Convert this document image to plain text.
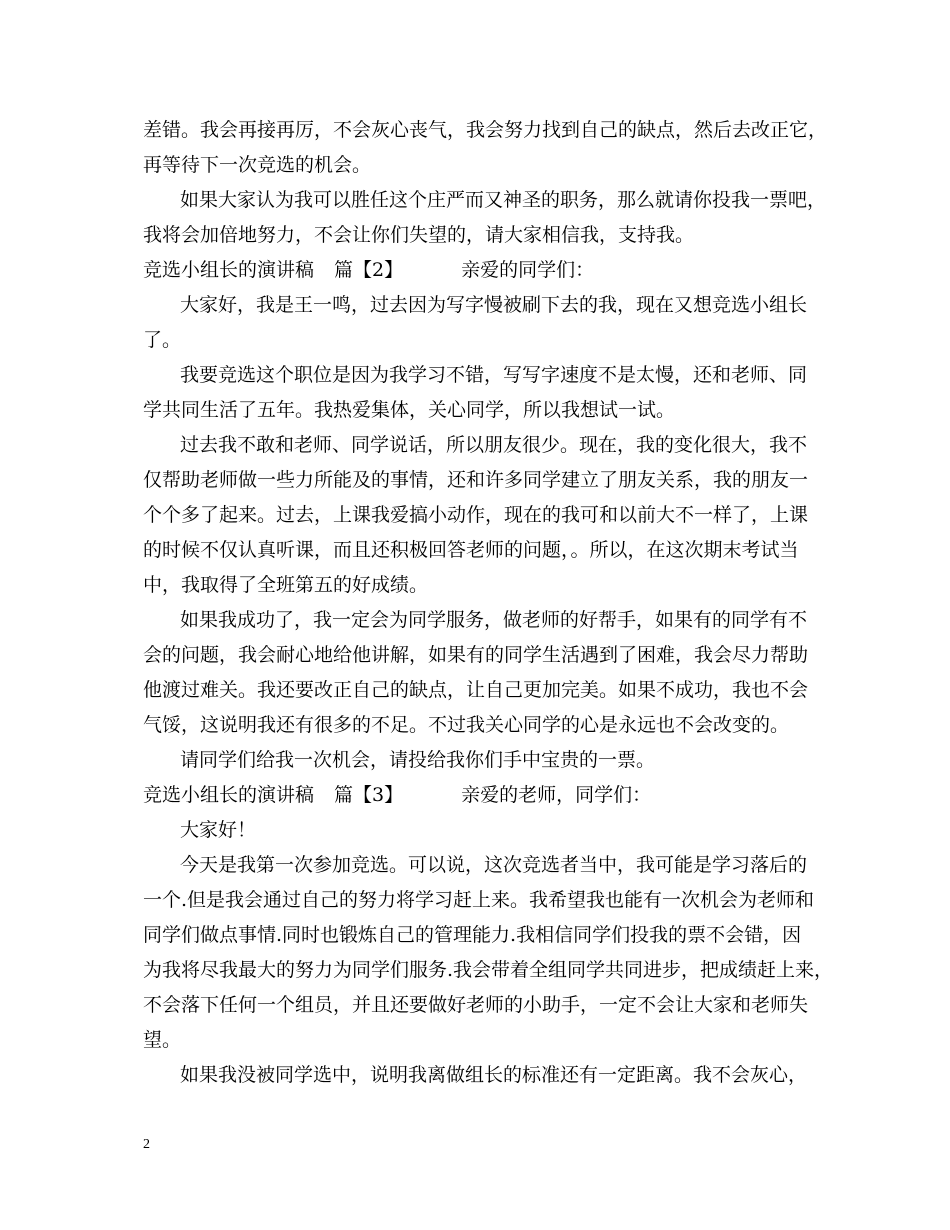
差错。我会再接再厉，不会灰心丧气，我会努力找到自己的缺点，然后去改正它，
再等待下一次竞选的机会。
如果大家认为我可以胜任这个庄严而又神圣的职务，那么就请你投我一票吧，
我将会加倍地努力，不会让你们失望的，请大家相信我，支持我。
竞选小组长的演讲稿 篇【2】	亲爱的同学们：
大家好，我是王一鸣，过去因为写字慢被刷下去的我，现在又想竞选小组长
了。
我要竞选这个职位是因为我学习不错，写写字速度不是太慢，还和老师、同
学共同生活了五年。我热爱集体，关心同学，所以我想试一试。
过去我不敢和老师、同学说话，所以朋友很少。现在，我的变化很大，我不
仅帮助老师做一些力所能及的事情，还和许多同学建立了朋友关系，我的朋友一
个个多了起来。过去，上课我爱搞小动作，现在的我可和以前大不一样了，上课
的时候不仅认真听课，而且还积极回答老师的问题，。所以，在这次期末考试当
中，我取得了全班第五的好成绩。
如果我成功了，我一定会为同学服务，做老师的好帮手，如果有的同学有不
会的问题，我会耐心地给他讲解，如果有的同学生活遇到了困难，我会尽力帮助
他渡过难关。我还要改正自己的缺点，让自己更加完美。如果不成功，我也不会
气馁，这说明我还有很多的不足。不过我关心同学的心是永远也不会改变的。
请同学们给我一次机会，请投给我你们手中宝贵的一票。
竞选小组长的演讲稿 篇【3】	亲爱的老师，同学们：
大家好！
今天是我第一次参加竞选。可以说，这次竞选者当中，我可能是学习落后的
一个.但是我会通过自己的努力将学习赶上来。我希望我也能有一次机会为老师和
同学们做点事情.同时也锻炼自己的管理能力.我相信同学们投我的票不会错，因
为我将尽我最大的努力为同学们服务.我会带着全组同学共同进步，把成绩赶上来，
不会落下任何一个组员，并且还要做好老师的小助手，一定不会让大家和老师失
望。
如果我没被同学选中，说明我离做组长的标准还有一定距离。我不会灰心，
2
